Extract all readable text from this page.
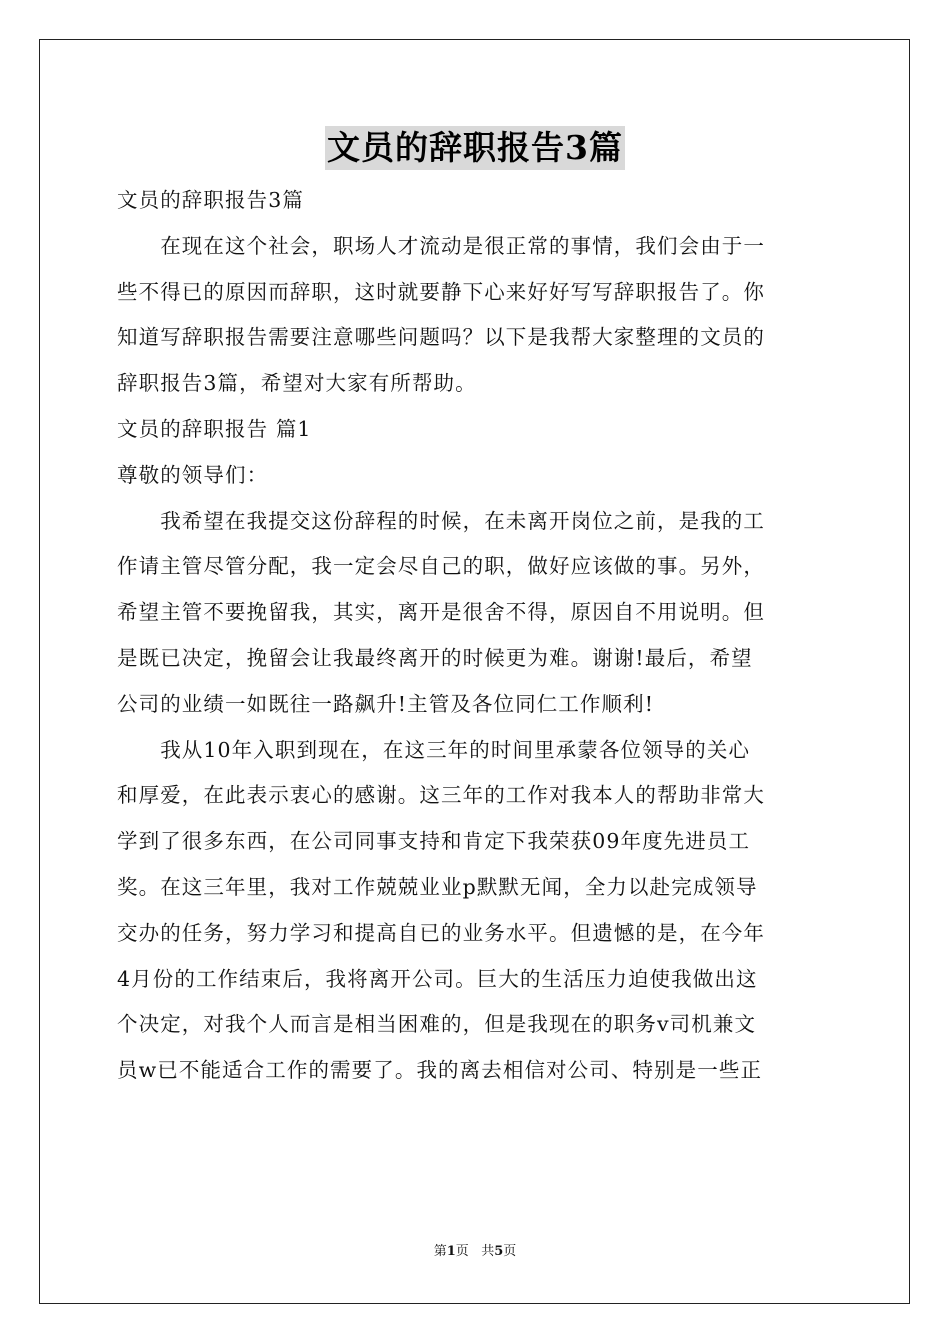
文员的辞职报告3篇

文员的辞职报告3篇

　　在现在这个社会，职场人才流动是很正常的事情，我们会由于一

些不得已的原因而辞职，这时就要静下心来好好写写辞职报告了。你

知道写辞职报告需要注意哪些问题吗？以下是我帮大家整理的文员的

辞职报告3篇，希望对大家有所帮助。

文员的辞职报告 篇1

尊敬的领导们：

　　我希望在我提交这份辞程的时候，在未离开岗位之前，是我的工

作请主管尽管分配，我一定会尽自己的职，做好应该做的事。另外，

希望主管不要挽留我，其实，离开是很舍不得，原因自不用说明。但

是既已决定，挽留会让我最终离开的时候更为难。谢谢!最后，希望

公司的业绩一如既往一路飙升!主管及各位同仁工作顺利!

　　我从10年入职到现在，在这三年的时间里承蒙各位领导的关心

和厚爱，在此表示衷心的感谢。这三年的工作对我本人的帮助非常大

学到了很多东西，在公司同事支持和肯定下我荣获09年度先进员工

奖。在这三年里，我对工作兢兢业业p默默无闻，全力以赴完成领导

交办的任务，努力学习和提高自已的业务水平。但遗憾的是，在今年

4月份的工作结束后，我将离开公司。巨大的生活压力迫使我做出这

个决定，对我个人而言是相当困难的，但是我现在的职务v司机兼文

员w已不能适合工作的需要了。我的离去相信对公司、特别是一些正

第1页 共5页
